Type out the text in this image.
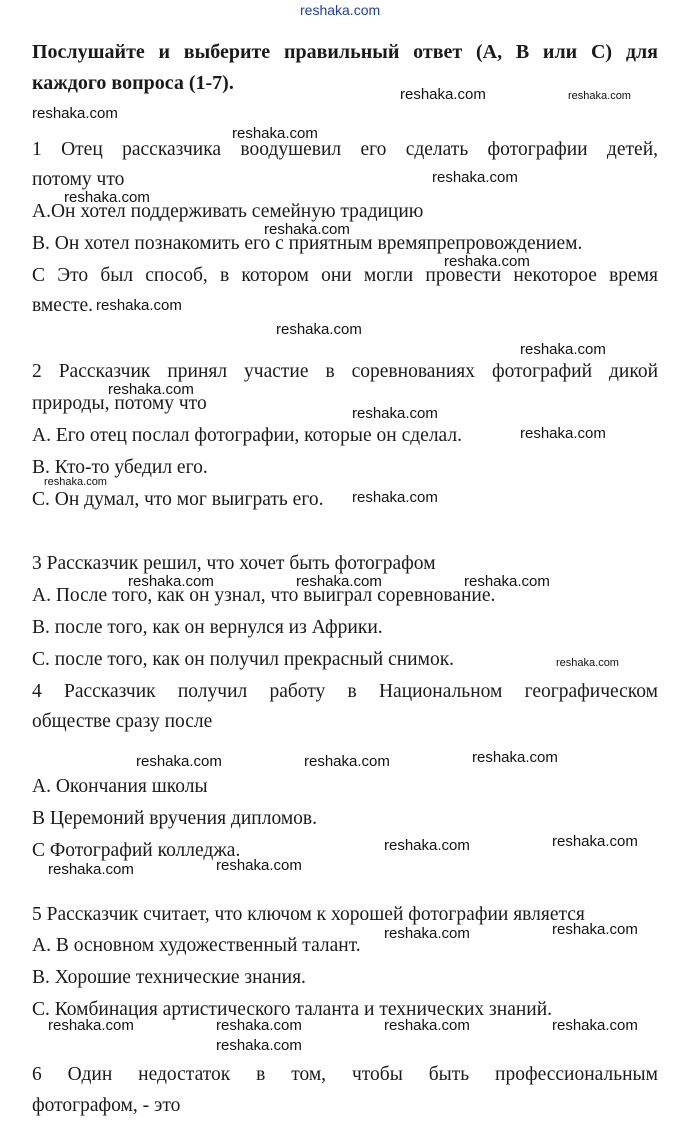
reshaka.com
Послушайте и выберите правильный ответ (A, B или C) для
каждого вопроса (1-7).
1 Отец рассказчика воодушевил его сделать фотографии детей,
потому что
A.Он хотел поддерживать семейную традицию
B. Он хотел познакомить его с приятным времяпрепровождением.
C Это был способ, в котором они могли провести некоторое время
вместе.
2 Рассказчик принял участие в соревнованиях фотографий дикой
природы, потому что
A. Его отец послал фотографии, которые он сделал.
B. Кто-то убедил его.
C. Он думал, что мог выиграть его.
3 Рассказчик решил, что хочет быть фотографом
A. После того, как он узнал, что выиграл соревнование.
B. после того, как он вернулся из Африки.
C. после того, как он получил прекрасный снимок.
4 Рассказчик получил работу в Национальном географическом
обществе сразу после
A. Окончания школы
B Церемоний вручения дипломов.
C Фотографий колледжа.
5 Рассказчик считает, что ключом к хорошей фотографии является
A. В основном художественный талант.
B. Хорошие технические знания.
C. Комбинация артистического таланта и технических знаний.
6 Один недостаток в том, чтобы быть профессиональным
фотографом, - это
reshaka.com	reshaka.com
reshaka.com
reshaka.com
reshaka.com
reshaka.com
reshaka.com
reshaka.com
reshaka.com
reshaka.com
reshaka.com
reshaka.com
reshaka.com
reshaka.com
reshaka.com
reshaka.com
reshaka.com	reshaka.com	reshaka.com
reshaka.com
reshaka.com	reshaka.com	reshaka.com
reshaka.com
reshaka.com
reshaka.com
reshaka.com
reshaka.com
reshaka.com
reshaka.com	reshaka.com	reshaka.com	reshaka.com
reshaka.com
